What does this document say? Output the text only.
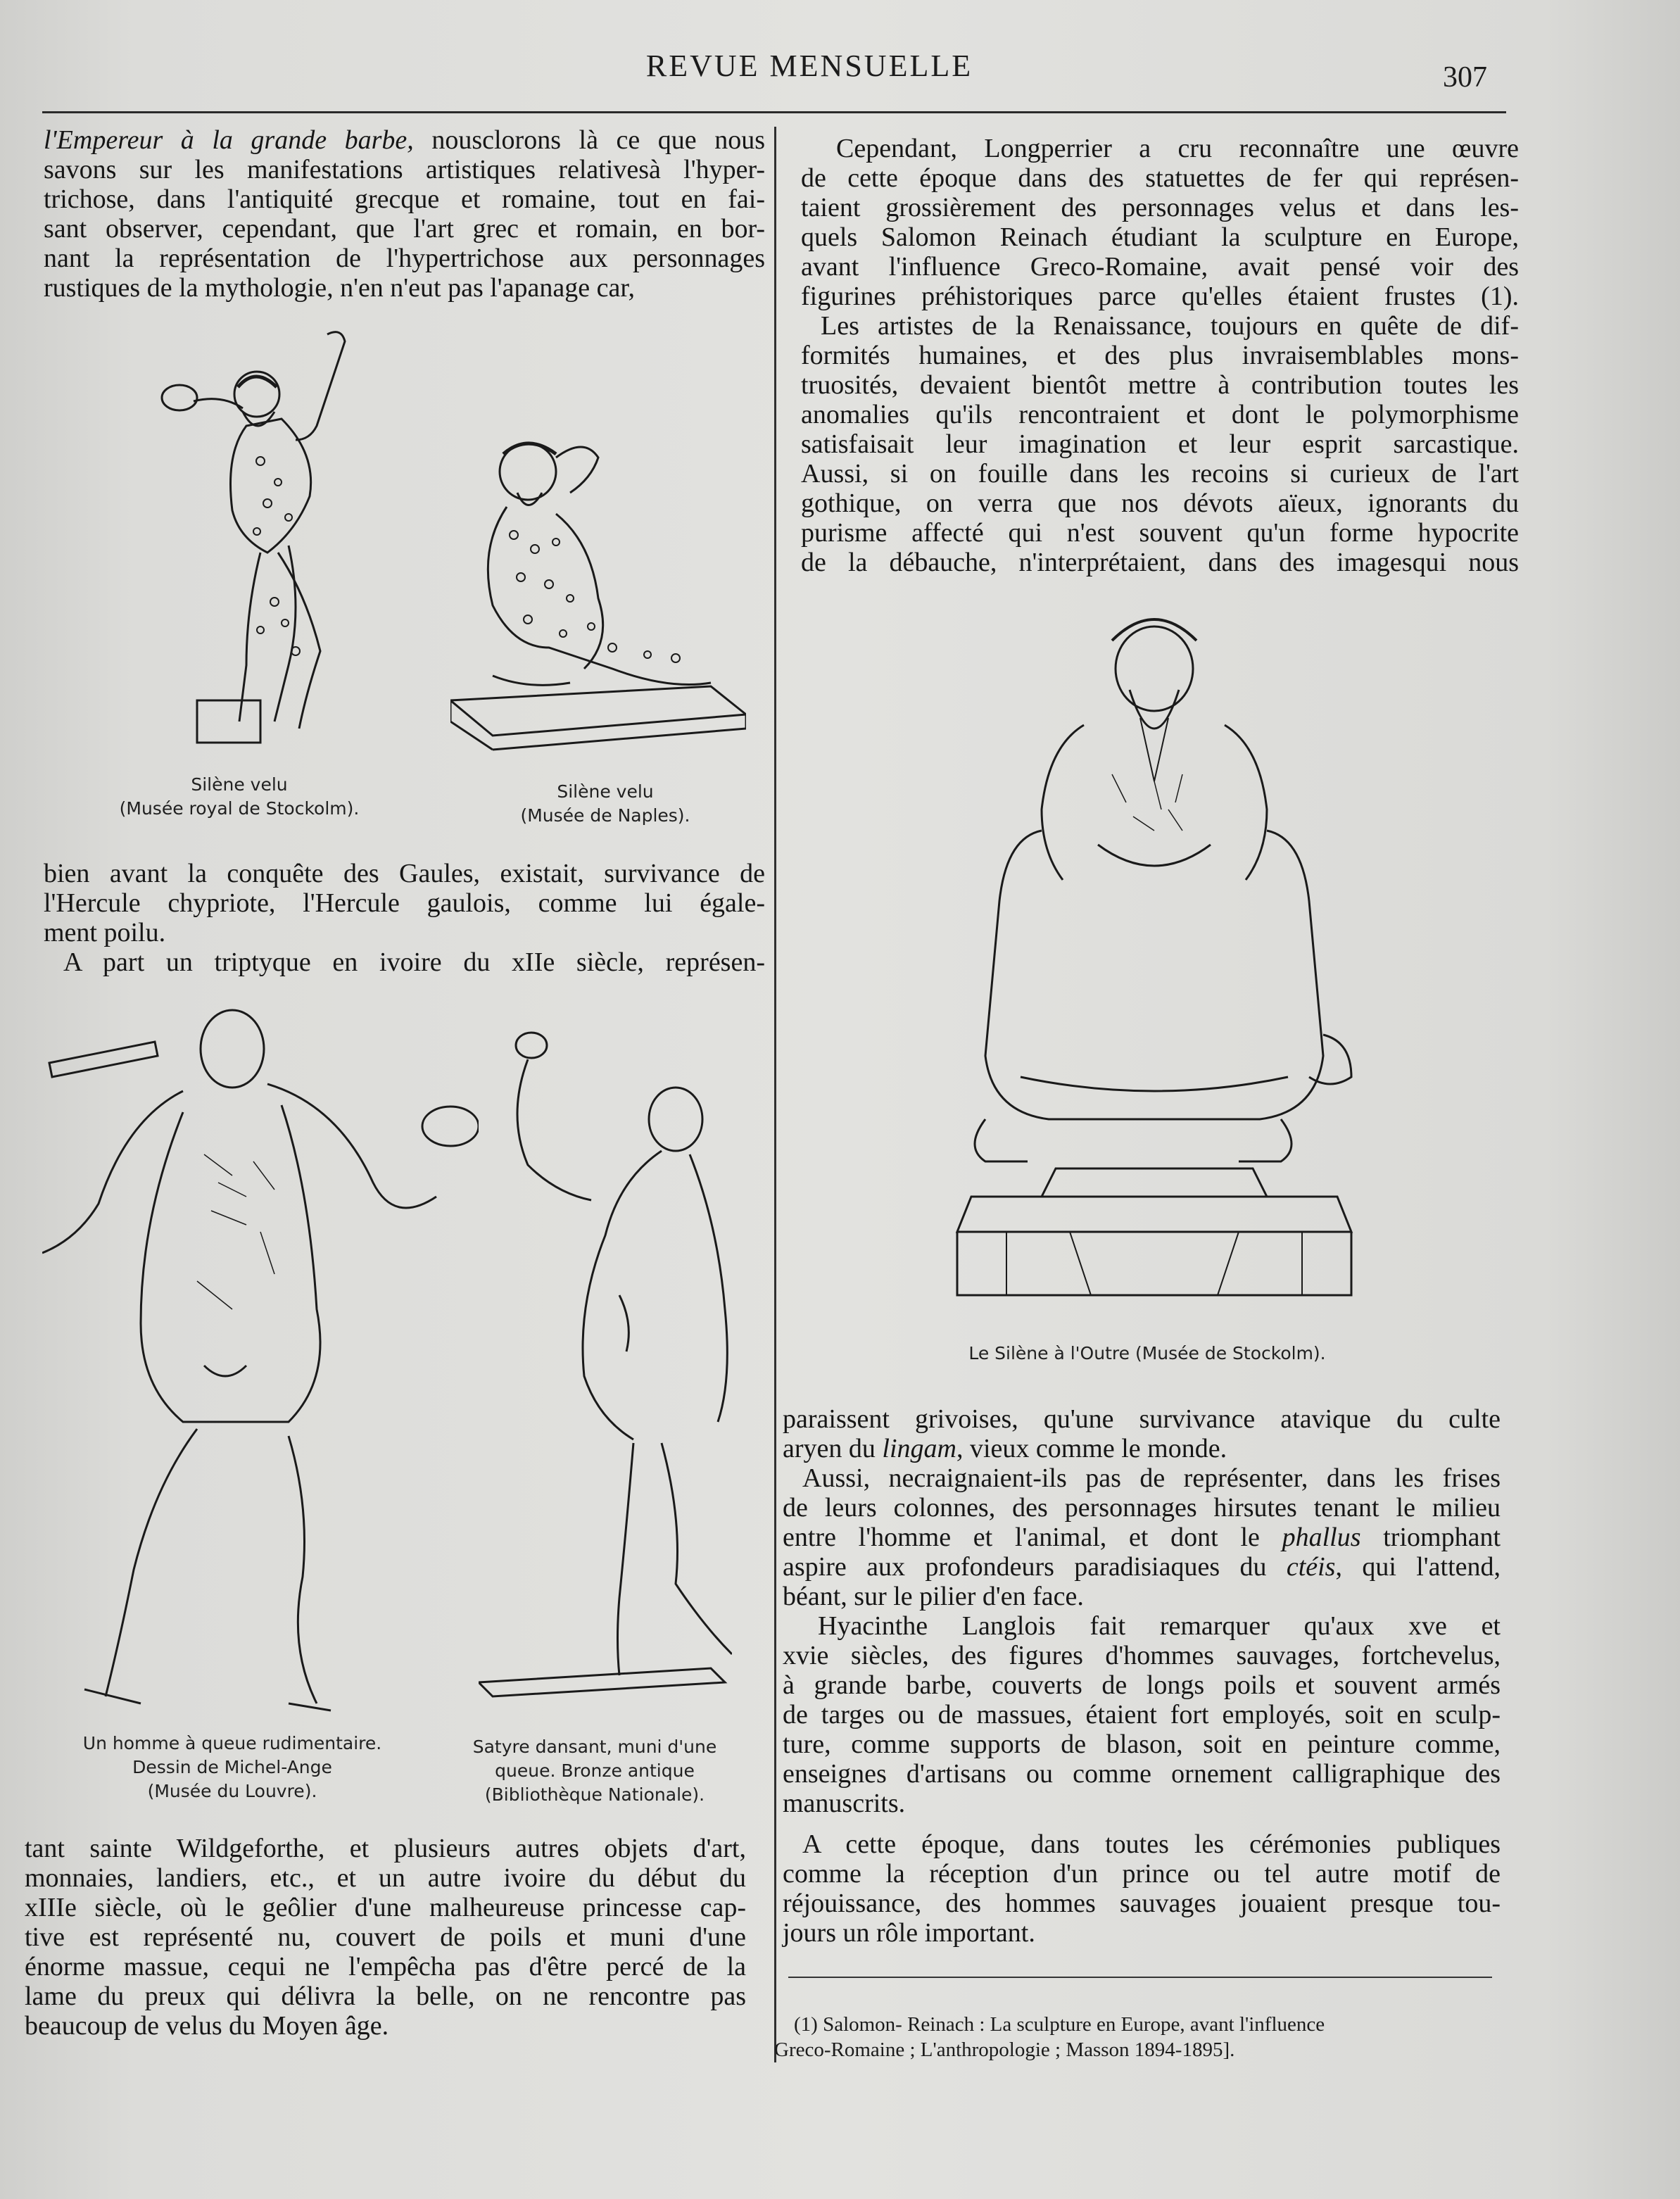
REVUE MENSUELLE	307
l'Empereur à la grande barbe, nousclorons là ce que nous
savons sur les manifestations artistiques relativesà l'hyper-
trichose, dans l'antiquité grecque et romaine, tout en fai-
sant observer, cependant, que l'art grec et romain, en bor-
nant la représentation de l'hypertrichose aux personnages
rustiques de la mythologie, n'en n'eut pas l'apanage car,
Silène velu
(Musée royal de Stockolm).
Silène velu
(Musée de Naples).
bien avant la conquête des Gaules, existait, survivance de
l'Hercule chypriote, l'Hercule gaulois, comme lui égale-
ment poilu.
A part un triptyque en ivoire du xIIe siècle, représen-
Un homme à queue rudimentaire.
Dessin de Michel-Ange
(Musée du Louvre).
Satyre dansant, muni d'une
queue. Bronze antique
(Bibliothèque Nationale).
tant sainte Wildgeforthe, et plusieurs autres objets d'art,
monnaies, landiers, etc., et un autre ivoire du début du
xIIIe siècle, où le geôlier d'une malheureuse princesse cap-
tive est représenté nu, couvert de poils et muni d'une
énorme massue, cequi ne l'empêcha pas d'être percé de la
lame du preux qui délivra la belle, on ne rencontre pas
beaucoup de velus du Moyen âge.
Cependant, Longperrier a cru reconnaître une œuvre
de cette époque dans des statuettes de fer qui représen-
taient grossièrement des personnages velus et dans les-
quels Salomon Reinach étudiant la sculpture en Europe,
avant l'influence Greco-Romaine, avait pensé voir des
figurines préhistoriques parce qu'elles étaient frustes (1).
Les artistes de la Renaissance, toujours en quête de dif-
formités humaines, et des plus invraisemblables mons-
truosités, devaient bientôt mettre à contribution toutes les
anomalies qu'ils rencontraient et dont le polymorphisme
satisfaisait leur imagination et leur esprit sarcastique.
Aussi, si on fouille dans les recoins si curieux de l'art
gothique, on verra que nos dévots aïeux, ignorants du
purisme affecté qui n'est souvent qu'un forme hypocrite
de la débauche, n'interprétaient, dans des imagesqui nous
Le Silène à l'Outre (Musée de Stockolm).
paraissent grivoises, qu'une survivance atavique du culte
aryen du lingam, vieux comme le monde.
Aussi, necraignaient-ils pas de représenter, dans les frises
de leurs colonnes, des personnages hirsutes tenant le milieu
entre l'homme et l'animal, et dont le phallus triomphant
aspire aux profondeurs paradisiaques du ctéis, qui l'attend,
béant, sur le pilier d'en face.
Hyacinthe Langlois fait remarquer qu'aux xve et
xvie siècles, des figures d'hommes sauvages, fortchevelus,
à grande barbe, couverts de longs poils et souvent armés
de targes ou de massues, étaient fort employés, soit en sculp-
ture, comme supports de blason, soit en peinture comme,
enseignes d'artisans ou comme ornement calligraphique des
manuscrits.
A cette époque, dans toutes les cérémonies publiques
comme la réception d'un prince ou tel autre motif de
réjouissance, des hommes sauvages jouaient presque tou-
jours un rôle important.
(1) Salomon- Reinach : La sculpture en Europe, avant l'influence
Greco-Romaine ; L'anthropologie ; Masson 1894-1895].
